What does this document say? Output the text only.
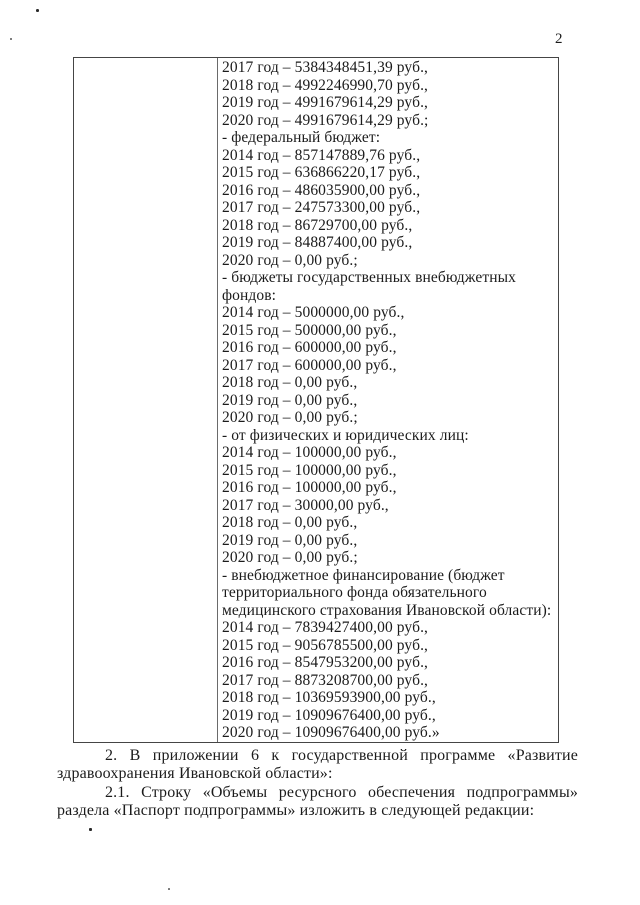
2
2017 год – 5384348451,39 руб.,
2018 год – 4992246990,70 руб.,
2019 год – 4991679614,29 руб.,
2020 год – 4991679614,29 руб.;
- федеральный бюджет:
2014 год – 857147889,76 руб.,
2015 год – 636866220,17 руб.,
2016 год – 486035900,00 руб.,
2017 год – 247573300,00 руб.,
2018 год – 86729700,00 руб.,
2019 год – 84887400,00 руб.,
2020 год – 0,00 руб.;
- бюджеты государственных внебюджетных
фондов:
2014 год – 5000000,00 руб.,
2015 год – 500000,00 руб.,
2016 год – 600000,00 руб.,
2017 год – 600000,00 руб.,
2018 год – 0,00 руб.,
2019 год – 0,00 руб.,
2020 год – 0,00 руб.;
- от физических и юридических лиц:
2014 год – 100000,00 руб.,
2015 год – 100000,00 руб.,
2016 год – 100000,00 руб.,
2017 год – 30000,00 руб.,
2018 год – 0,00 руб.,
2019 год – 0,00 руб.,
2020 год – 0,00 руб.;
- внебюджетное финансирование (бюджет
территориального фонда обязательного
медицинского страхования Ивановской области):
2014 год – 7839427400,00 руб.,
2015 год – 9056785500,00 руб.,
2016 год – 8547953200,00 руб.,
2017 год – 8873208700,00 руб.,
2018 год – 10369593900,00 руб.,
2019 год – 10909676400,00 руб.,
2020 год – 10909676400,00 руб.»

2. В приложении 6 к государственной программе «Развитие
здравоохранения Ивановской области»:

2.1. Строку «Объемы ресурсного обеспечения подпрограммы»
раздела «Паспорт подпрограммы» изложить в следующей редакции:
